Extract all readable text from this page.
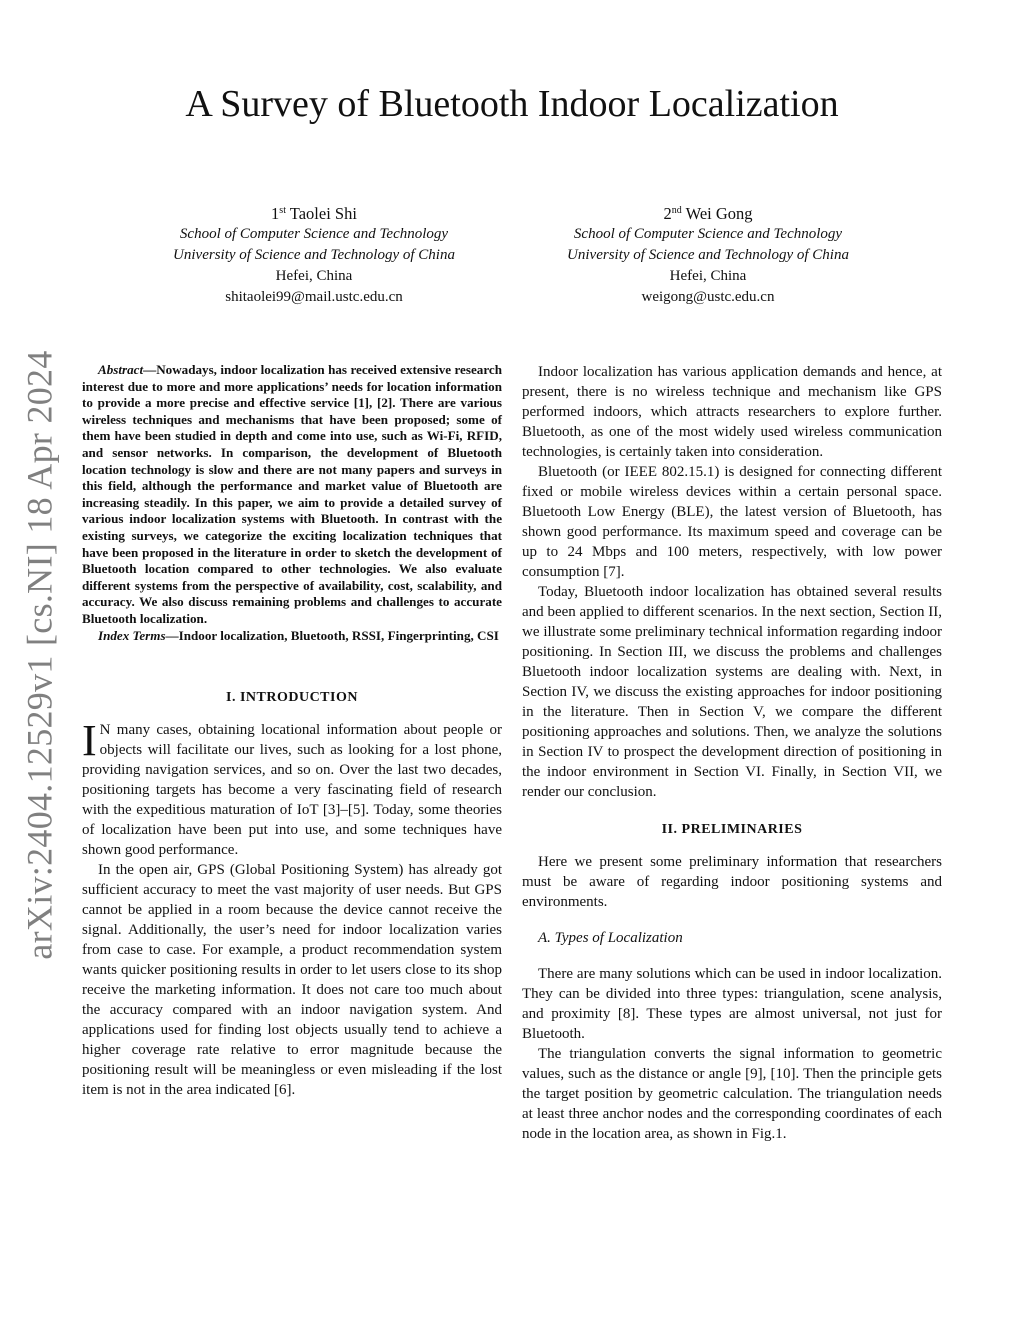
arXiv:2404.12529v1 [cs.NI] 18 Apr 2024
A Survey of Bluetooth Indoor Localization
1st Taolei Shi
School of Computer Science and Technology
University of Science and Technology of China
Hefei, China
shitaolei99@mail.ustc.edu.cn
2nd Wei Gong
School of Computer Science and Technology
University of Science and Technology of China
Hefei, China
weigong@ustc.edu.cn

Abstract—Nowadays, indoor localization has received extensive research interest due to more and more applications’ needs for location information to provide a more precise and effective service [1], [2]. There are various wireless techniques and mechanisms that have been proposed; some of them have been studied in depth and come into use, such as Wi-Fi, RFID, and sensor networks. In comparison, the development of Bluetooth location technology is slow and there are not many papers and surveys in this field, although the performance and market value of Bluetooth are increasing steadily. In this paper, we aim to provide a detailed survey of various indoor localization systems with Bluetooth. In contrast with the existing surveys, we categorize the exciting localization techniques that have been proposed in the literature in order to sketch the development of Bluetooth location compared to other technologies. We also evaluate different systems from the perspective of availability, cost, scalability, and accuracy. We also discuss remaining problems and challenges to accurate Bluetooth localization.

Index Terms—Indoor localization, Bluetooth, RSSI, Fingerprinting, CSI

I. INTRODUCTION

I N many cases, obtaining locational information about people or objects will facilitate our lives, such as looking for a lost phone, providing navigation services, and so on. Over the last two decades, positioning targets has become a very fascinating field of research with the expeditious maturation of IoT [3]–[5]. Today, some theories of localization have been put into use, and some techniques have shown good performance.

In the open air, GPS (Global Positioning System) has already got sufficient accuracy to meet the vast majority of user needs. But GPS cannot be applied in a room because the device cannot receive the signal. Additionally, the user’s need for indoor localization varies from case to case. For example, a product recommendation system wants quicker positioning results in order to let users close to its shop receive the marketing information. It does not care too much about the accuracy compared with an indoor navigation system. And applications used for finding lost objects usually tend to achieve a higher coverage rate relative to error magnitude because the positioning result will be meaningless or even misleading if the lost item is not in the area indicated [6].

Indoor localization has various application demands and hence, at present, there is no wireless technique and mechanism like GPS performed indoors, which attracts researchers to explore further. Bluetooth, as one of the most widely used wireless communication technologies, is certainly taken into consideration.

Bluetooth (or IEEE 802.15.1) is designed for connecting different fixed or mobile wireless devices within a certain personal space. Bluetooth Low Energy (BLE), the latest version of Bluetooth, has shown good performance. Its maximum speed and coverage can be up to 24 Mbps and 100 meters, respectively, with low power consumption [7].

Today, Bluetooth indoor localization has obtained several results and been applied to different scenarios. In the next section, Section II, we illustrate some preliminary technical information regarding indoor positioning. In Section III, we discuss the problems and challenges Bluetooth indoor localization systems are dealing with. Next, in Section IV, we discuss the existing approaches for indoor positioning in the literature. Then in Section V, we compare the different positioning approaches and solutions. Then, we analyze the solutions in Section IV to prospect the development direction of positioning in the indoor environment in Section VI. Finally, in Section VII, we render our conclusion.

II. PRELIMINARIES

Here we present some preliminary information that researchers must be aware of regarding indoor positioning systems and environments.

A. Types of Localization

There are many solutions which can be used in indoor localization. They can be divided into three types: triangulation, scene analysis, and proximity [8]. These types are almost universal, not just for Bluetooth.

The triangulation converts the signal information to geometric values, such as the distance or angle [9], [10]. Then the principle gets the target position by geometric calculation. The triangulation needs at least three anchor nodes and the corresponding coordinates of each node in the location area, as shown in Fig.1.
